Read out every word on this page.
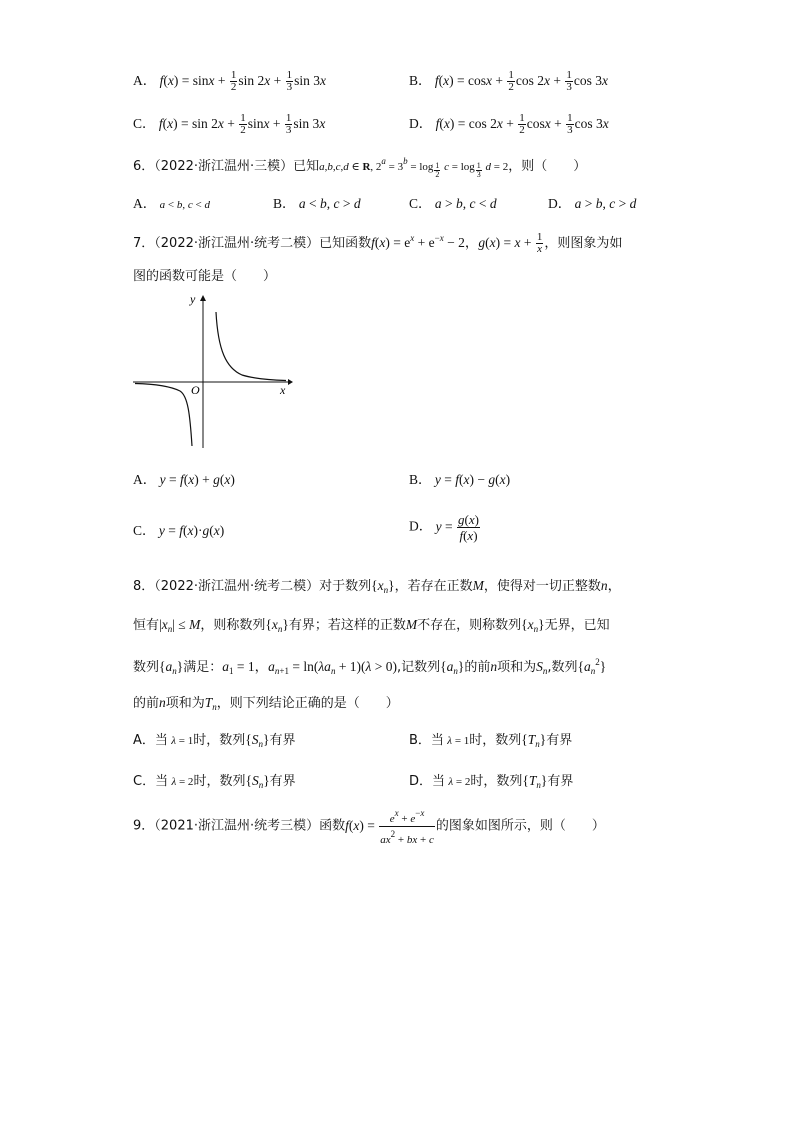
A． $f(x) = \sin x + \frac{1}{2}$ $\sin 2x + \frac{1}{3}$ sin 3x	B． $f(x) = \cos x + \frac{1}{2}$ $\cos 2x + \frac{1}{3}$ cos 3x
C． $f(x) = \sin 2x + \frac{1}{2}$ $\sin x + \frac{1}{3}$ sin 3x	D． $f(x) = \cos 2x + \frac{1}{2}$ $\cos x + \frac{1}{3}$ cos 3x
6．（2022·浙江温州·三模）已知a,b,c,d ∈ R, $2^a = 3^b = \log _{\frac{1}{2}}$ c = log $_{\frac{1}{3}}$ d = 2，则（　　）
A． a < b, c < d	B． a < b, c > d	C． a > b, c < d	D． a > b, c > d
7．（2022·浙江温州·统考二模）已知函数$f(x) = e^x + e^{-x} - 2$，$g(x) = x + \frac{1}{x}$ ，则图象为如
图的函数可能是（　　）
y
x
O
A． y = f(x) + g(x)	B． y = f(x) − g(x)
C． y = f(x)·g(x)	D． $y = \frac{g(x)}{f(x)}$
8．（2022·浙江温州·统考二模）对于数列$\{x_n\}$，若存在正数M，使得对一切正整数n，
恒有$|x_n| \le M$，则称数列$\{x_n\}$有界；若这样的正数M不存在，则称数列$\{x_n\}$无界，已知
数列$\{a_n\}$满足：$a_1 = 1$，$a_{n+1} = \ln(\lambda a_n + 1)(\lambda > 0)$,记数列$\{a_n\}$的前n项和为$S_n$,数列$\{a_n^2\}$
的前n项和为$T_n$，则下列结论正确的是（　　）
A．当 λ = 1时，数列$\{S_n\}$有界	B．当 λ = 1时，数列$\{T_n\}$有界
C．当 λ = 2时，数列$\{S_n\}$有界	D．当 λ = 2时，数列$\{T_n\}$有界
9．（2021·浙江温州·统考三模）函数$f(x) = \frac{e^x + e^{-x}}{ax^2 + bx + c}$ 的图象如图所示，则（　　）
